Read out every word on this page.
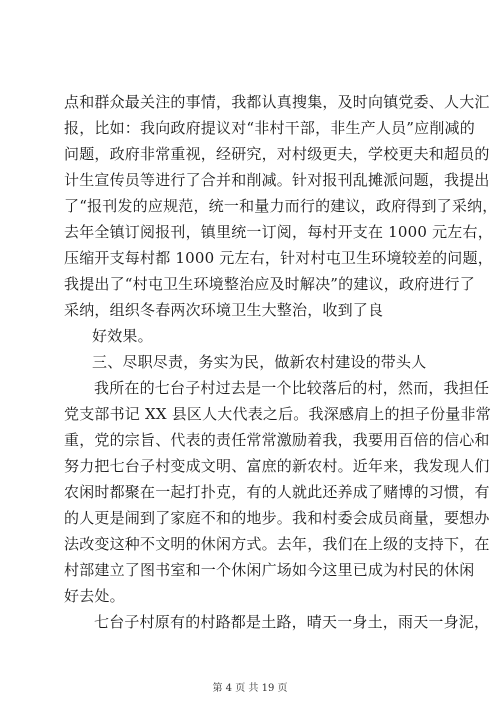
点和群众最关注的事情，我都认真搜集，及时向镇党委、人大汇
报，比如：我向政府提议对“非村干部，非生产人员”应削减的
问题，政府非常重视，经研究，对村级更夫，学校更夫和超员的
计生宣传员等进行了合并和削减。针对报刊乱摊派问题，我提出
了“报刊发的应规范，统一和量力而行的建议，政府得到了采纳，
去年全镇订阅报刊，镇里统一订阅，每村开支在 1000 元左右，
压缩开支每村都 1000 元左右，针对村屯卫生环境较差的问题，
我提出了“村屯卫生环境整治应及时解决”的建议，政府进行了
采纳，组织冬春两次环境卫生大整治，收到了良
好效果。
三、尽职尽责，务实为民，做新农村建设的带头人
我所在的七台子村过去是一个比较落后的村，然而，我担任
党支部书记 XX 县区人大代表之后。我深感肩上的担子份量非常
重，党的宗旨、代表的责任常常激励着我，我要用百倍的信心和
努力把七台子村变成文明、富庶的新农村。近年来，我发现人们
农闲时都聚在一起打扑克，有的人就此还养成了赌博的习惯，有
的人更是闹到了家庭不和的地步。我和村委会成员商量，要想办
法改变这种不文明的休闲方式。去年，我们在上级的支持下，在
村部建立了图书室和一个休闲广场如今这里已成为村民的休闲
好去处。
七台子村原有的村路都是土路，晴天一身土，雨天一身泥，
第 4 页 共 19 页
